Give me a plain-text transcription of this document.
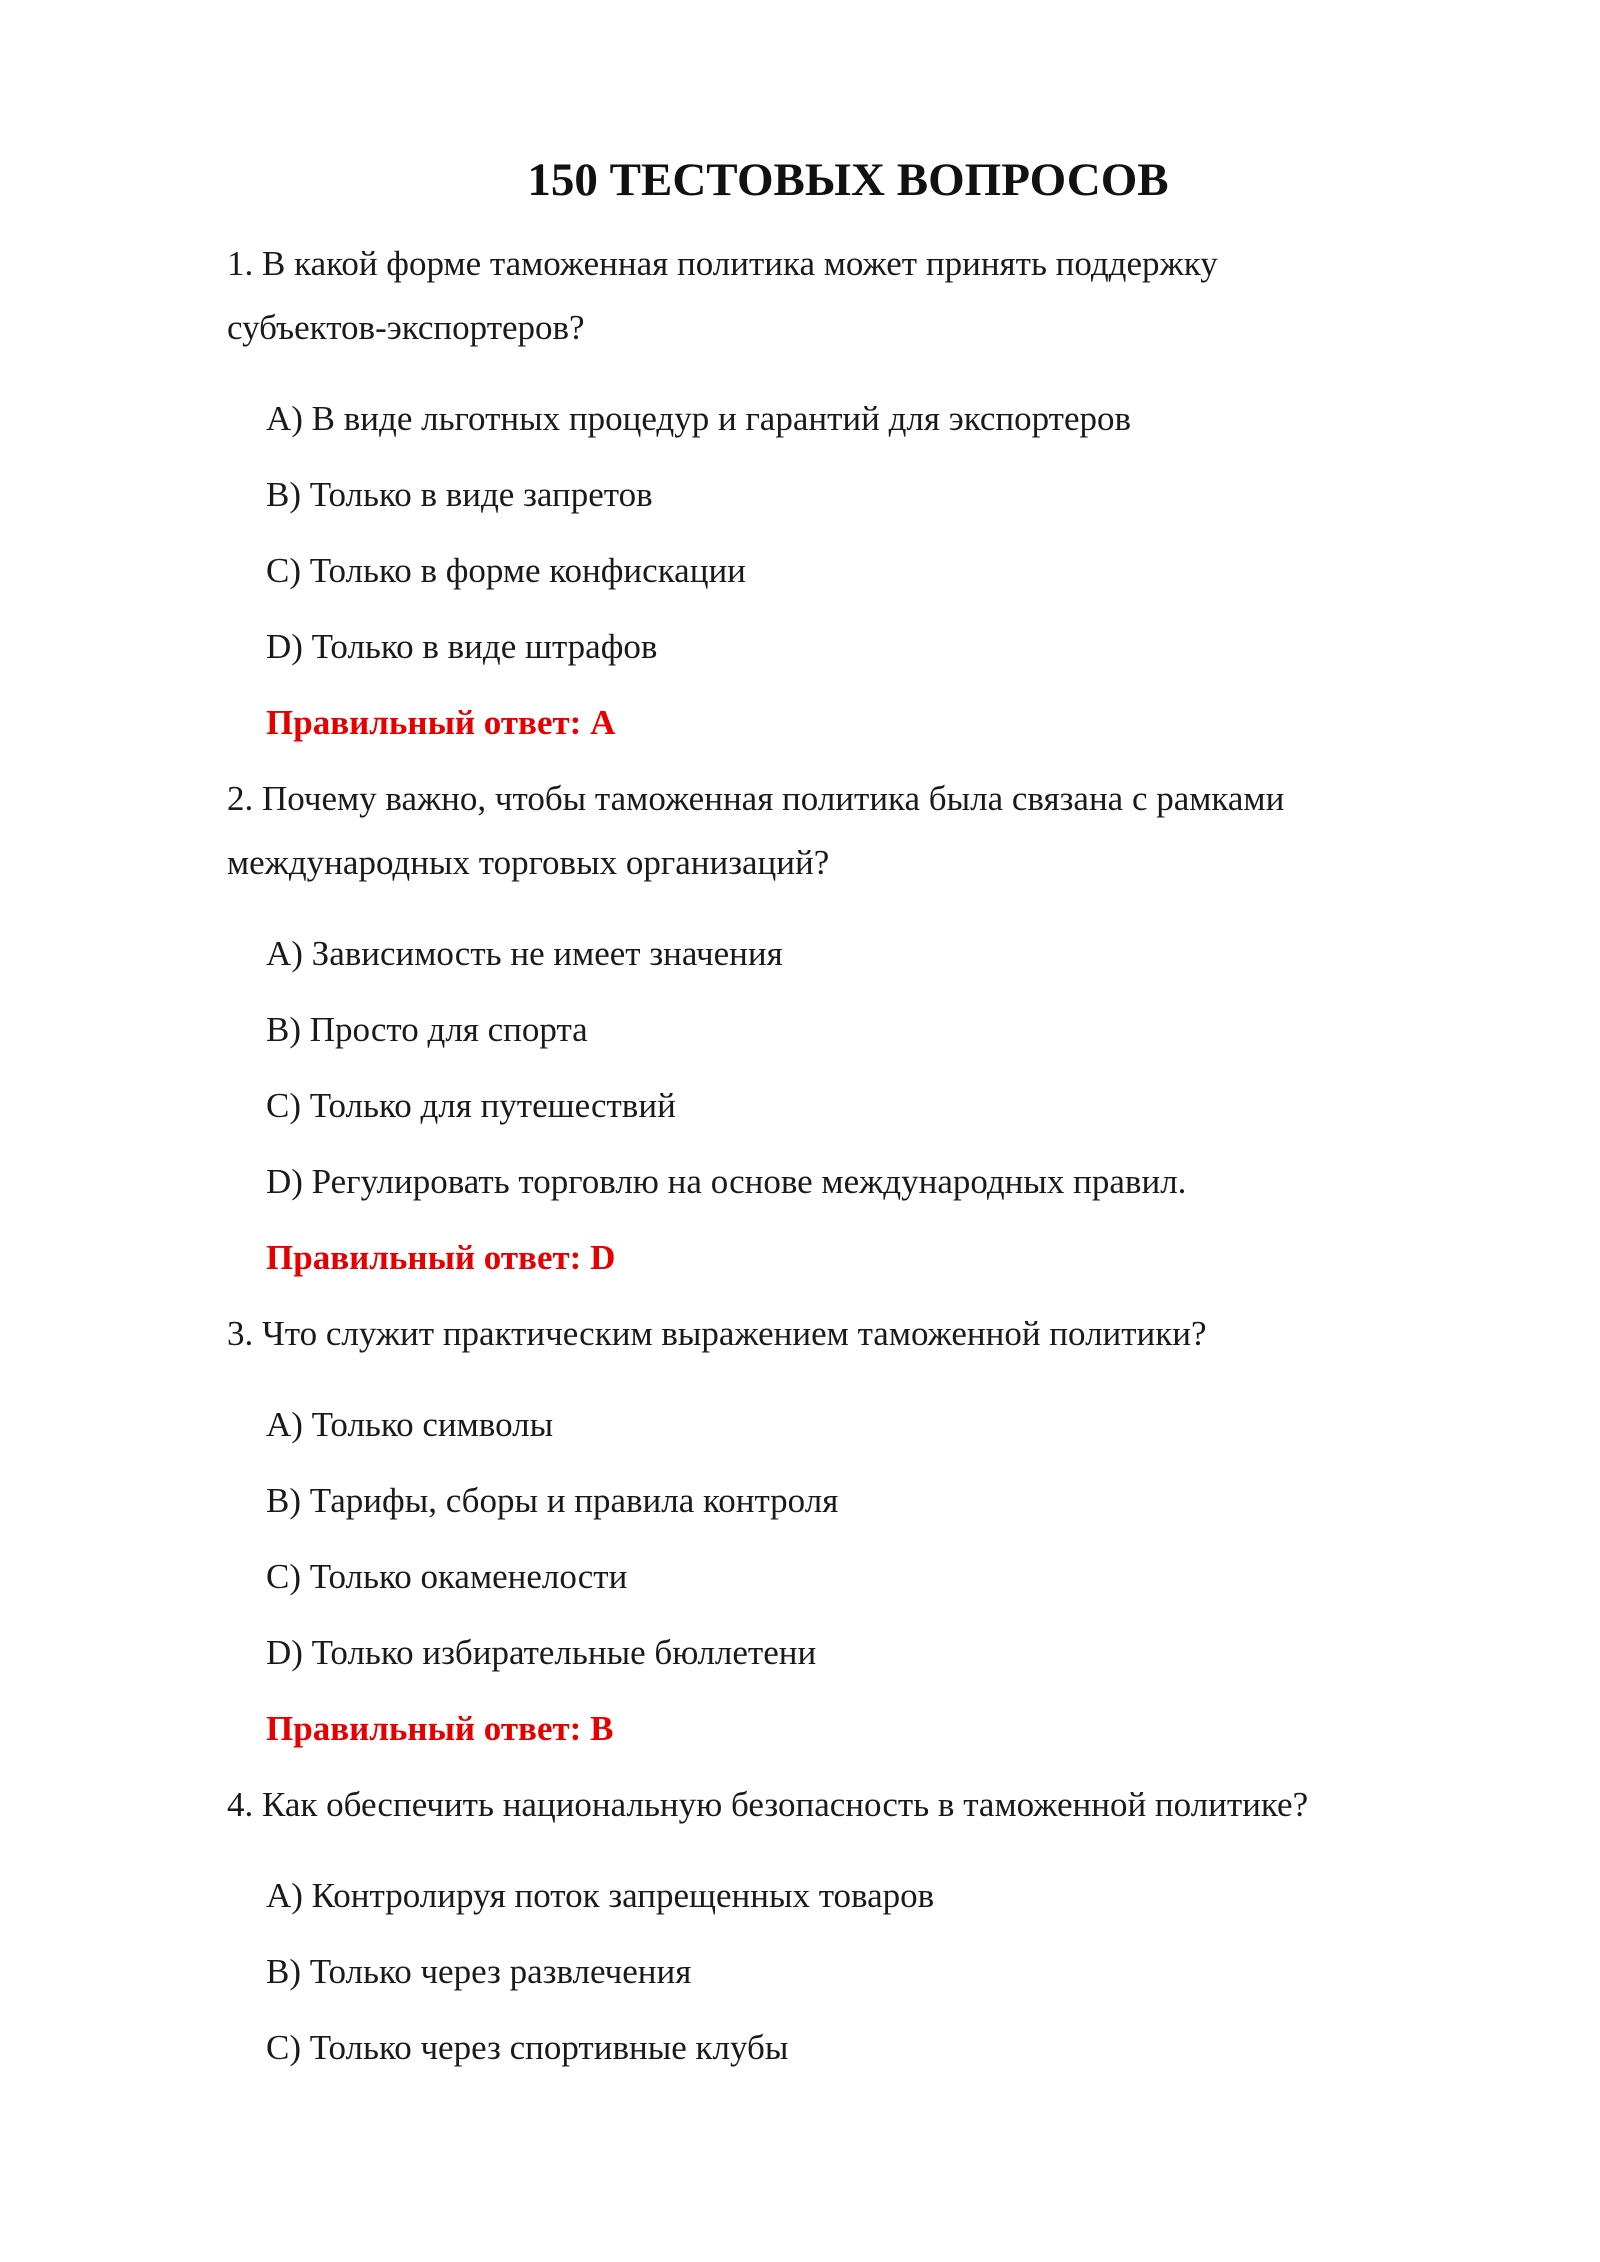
150 ТЕСТОВЫХ ВОПРОСОВ

1. В какой форме таможенная политика может принять поддержку

субъектов-экспортеров?

A) В виде льготных процедур и гарантий для экспортеров

B) Только в виде запретов

C) Только в форме конфискации

D) Только в виде штрафов

Правильный ответ: A

2. Почему важно, чтобы таможенная политика была связана с рамками

международных торговых организаций?

A) Зависимость не имеет значения

B) Просто для спорта

C) Только для путешествий

D) Регулировать торговлю на основе международных правил.

Правильный ответ: D

3. Что служит практическим выражением таможенной политики?

A) Только символы

B) Тарифы, сборы и правила контроля

C) Только окаменелости

D) Только избирательные бюллетени

Правильный ответ: B

4. Как обеспечить национальную безопасность в таможенной политике?

A) Контролируя поток запрещенных товаров

B) Только через развлечения

C) Только через спортивные клубы
